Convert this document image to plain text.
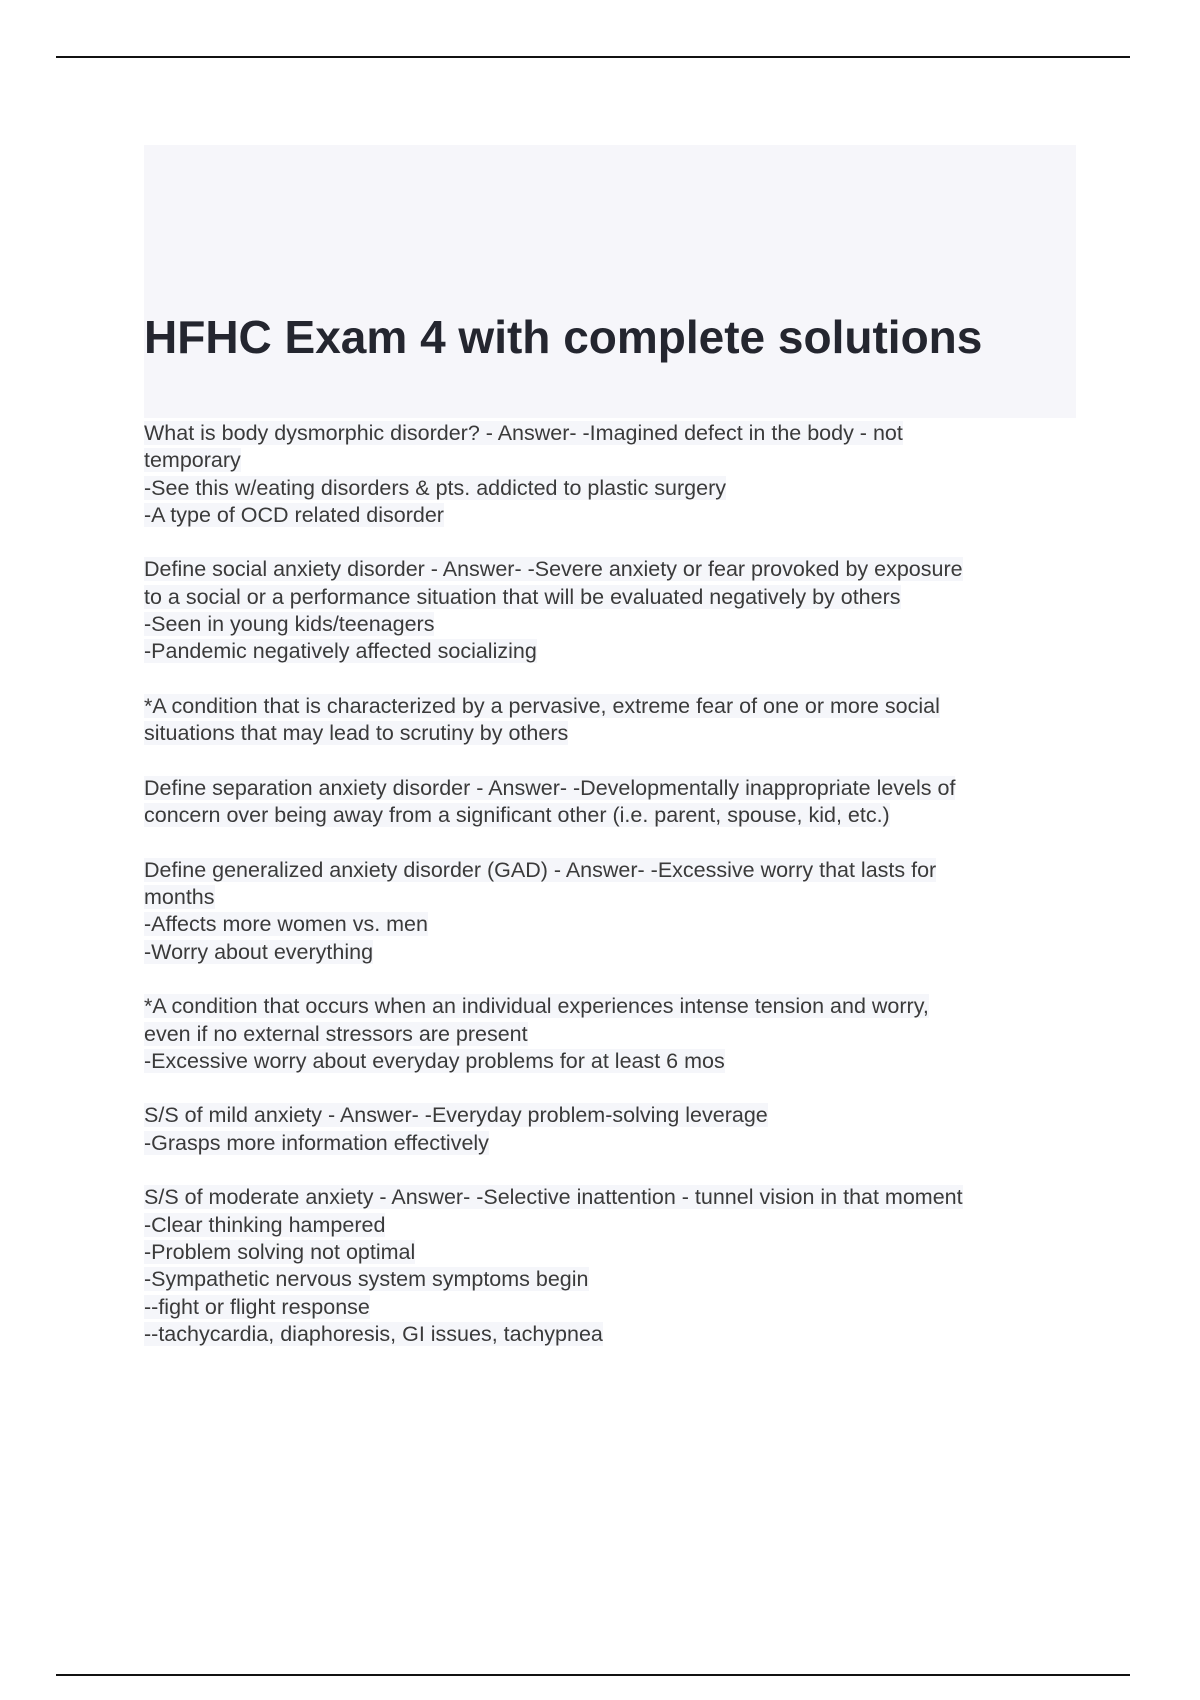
HFHC Exam 4 with complete solutions
What is body dysmorphic disorder? - Answer- -Imagined defect in the body - not
temporary
-See this w/eating disorders & pts. addicted to plastic surgery
-A type of OCD related disorder
Define social anxiety disorder - Answer- -Severe anxiety or fear provoked by exposure
to a social or a performance situation that will be evaluated negatively by others
-Seen in young kids/teenagers
-Pandemic negatively affected socializing
*A condition that is characterized by a pervasive, extreme fear of one or more social
situations that may lead to scrutiny by others
Define separation anxiety disorder - Answer- -Developmentally inappropriate levels of
concern over being away from a significant other (i.e. parent, spouse, kid, etc.)
Define generalized anxiety disorder (GAD) - Answer- -Excessive worry that lasts for
months
-Affects more women vs. men
-Worry about everything
*A condition that occurs when an individual experiences intense tension and worry,
even if no external stressors are present
-Excessive worry about everyday problems for at least 6 mos
S/S of mild anxiety - Answer- -Everyday problem-solving leverage
-Grasps more information effectively
S/S of moderate anxiety - Answer- -Selective inattention - tunnel vision in that moment
-Clear thinking hampered
-Problem solving not optimal
-Sympathetic nervous system symptoms begin
--fight or flight response
--tachycardia, diaphoresis, GI issues, tachypnea
